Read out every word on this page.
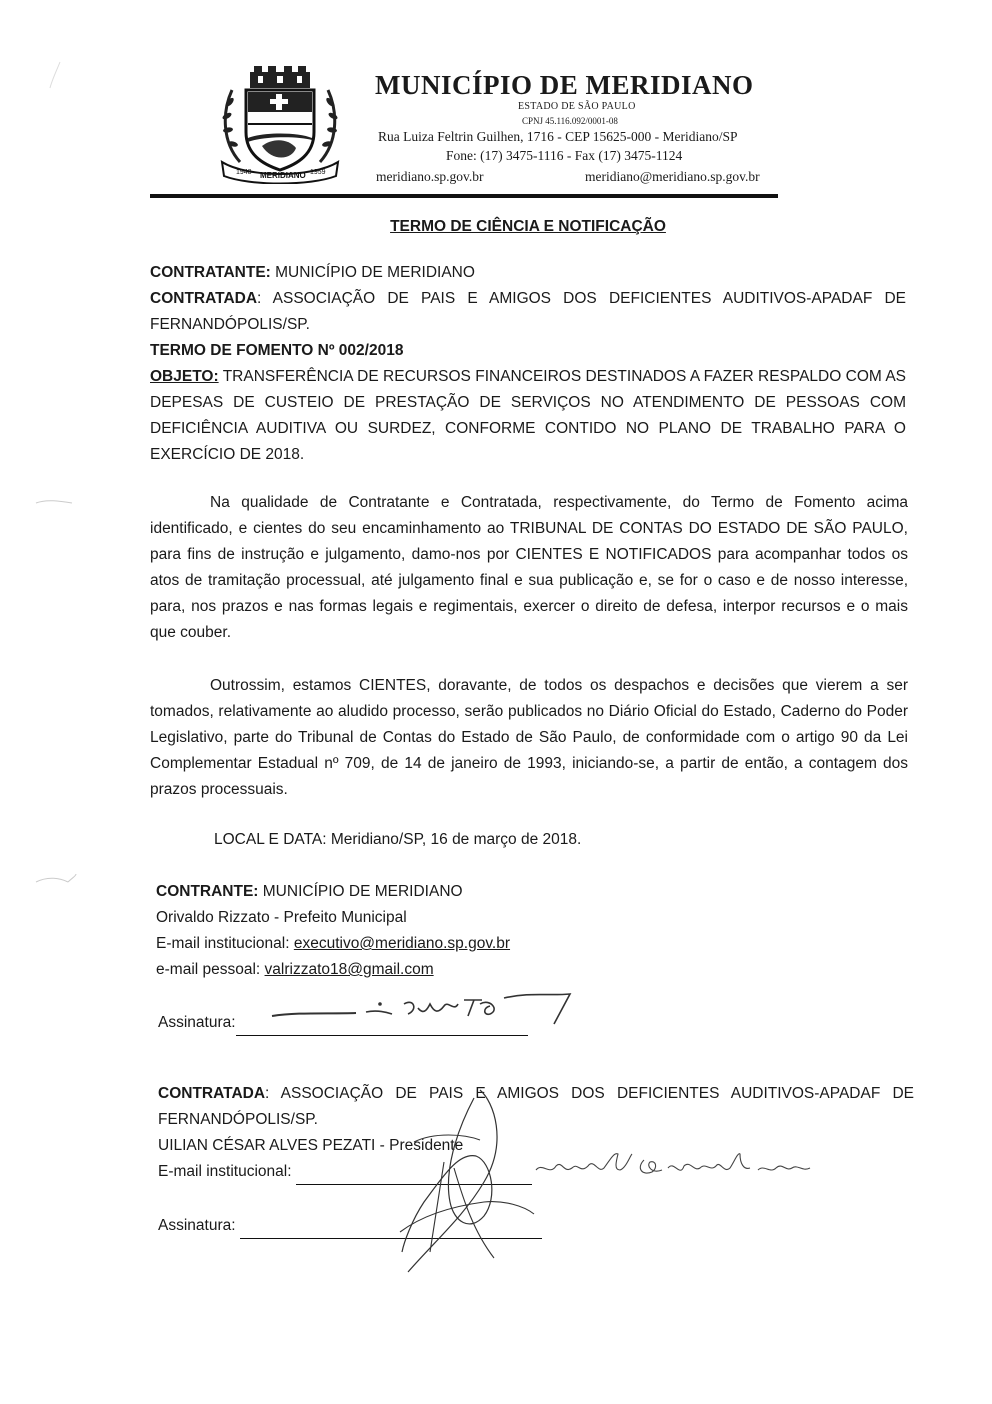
1948 MERIDIANO 1959
MUNICÍPIO DE MERIDIANO
ESTADO DE SÃO PAULO
CPNJ 45.116.092/0001-08
Rua Luiza Feltrin Guilhen, 1716 - CEP 15625-000 - Meridiano/SP
Fone: (17) 3475-1116 - Fax (17) 3475-1124
meridiano.sp.gov.br	meridiano@meridiano.sp.gov.br
TERMO DE CIÊNCIA E NOTIFICAÇÃO
CONTRATANTE: MUNICÍPIO DE MERIDIANO
CONTRATADA: ASSOCIAÇÃO DE PAIS E AMIGOS DOS DEFICIENTES AUDITIVOS-APADAF DE FERNANDÓPOLIS/SP.
TERMO DE FOMENTO Nº 002/2018
OBJETO: TRANSFERÊNCIA DE RECURSOS FINANCEIROS DESTINADOS A FAZER RESPALDO COM AS DEPESAS DE CUSTEIO DE PRESTAÇÃO DE SERVIÇOS NO ATENDIMENTO DE PESSOAS COM DEFICIÊNCIA AUDITIVA OU SURDEZ, CONFORME CONTIDO NO PLANO DE TRABALHO PARA O EXERCÍCIO DE 2018.
Na qualidade de Contratante e Contratada, respectivamente, do Termo de Fomento acima identificado, e cientes do seu encaminhamento ao TRIBUNAL DE CONTAS DO ESTADO DE SÃO PAULO, para fins de instrução e julgamento, damo-nos por CIENTES E NOTIFICADOS para acompanhar todos os atos de tramitação processual, até julgamento final e sua publicação e, se for o caso e de nosso interesse, para, nos prazos e nas formas legais e regimentais, exercer o direito de defesa, interpor recursos e o mais que couber.
Outrossim, estamos CIENTES, doravante, de todos os despachos e decisões que vierem a ser tomados, relativamente ao aludido processo, serão publicados no Diário Oficial do Estado, Caderno do Poder Legislativo, parte do Tribunal de Contas do Estado de São Paulo, de conformidade com o artigo 90 da Lei Complementar Estadual nº 709, de 14 de janeiro de 1993, iniciando-se, a partir de então, a contagem dos prazos processuais.
LOCAL E DATA: Meridiano/SP, 16 de março de 2018.
CONTRANTE: MUNICÍPIO DE MERIDIANO
Orivaldo Rizzato - Prefeito Municipal
E-mail institucional: executivo@meridiano.sp.gov.br
e-mail pessoal: valrizzato18@gmail.com
Assinatura:
CONTRATADA: ASSOCIAÇÃO DE PAIS E AMIGOS DOS DEFICIENTES AUDITIVOS-APADAF DE FERNANDÓPOLIS/SP.
UILIAN CÉSAR ALVES PEZATI - Presidente
E-mail institucional:
Assinatura:
